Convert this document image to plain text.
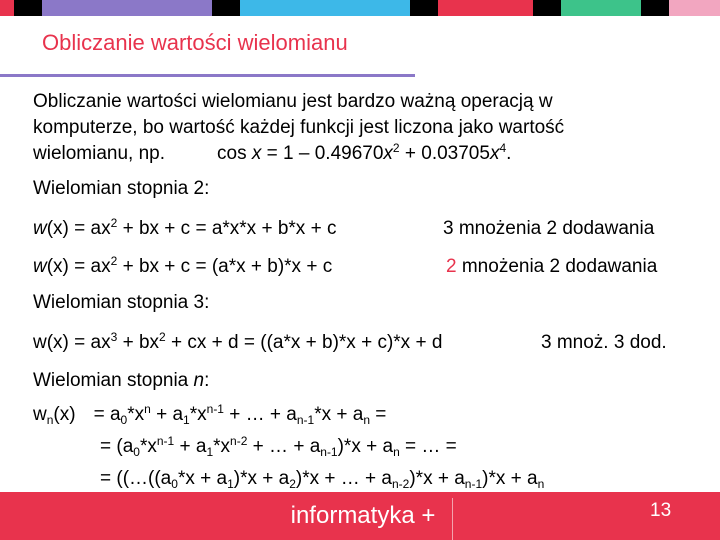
Obliczanie wartości wielomianu
Obliczanie wartości wielomianu jest bardzo ważną operacją w
komputerze, bo wartość każdej funkcji jest liczona jako wartość
wielomianu, np.	$\cos x = 1 - 0.49670x^2 + 0.03705x^4$.
Wielomian stopnia 2:
$w(x) = ax^2$ + bx + c = a*x*x + b*x + c	3 mnożenia 2 dodawania
$w(x) = ax^2$ + bx + c = (a*x + b)*x + c	2 mnożenia 2 dodawania
Wielomian stopnia 3:
$w(x) = ax^3 + bx^2$ + cx + d = ((a*x + b)*x + c)*x + d	3 mnoż. 3 dod.
Wielomian stopnia n:
$w_n(x) = a_0*x^n + a_1*x^{n-1}$ + … + $a_{n-1}*x + a_n$ =
= ($a_0*x^{n-1} + a_1*x^{n-2}$ + … + $a_{n-1})*x + a_n$ = … =
= (($\dots((a_0*x + a_1)*x + a_2)*x$ + … + $a_{n-2})*x + a_{n-1})*x + a_n$
informatyka +	13
